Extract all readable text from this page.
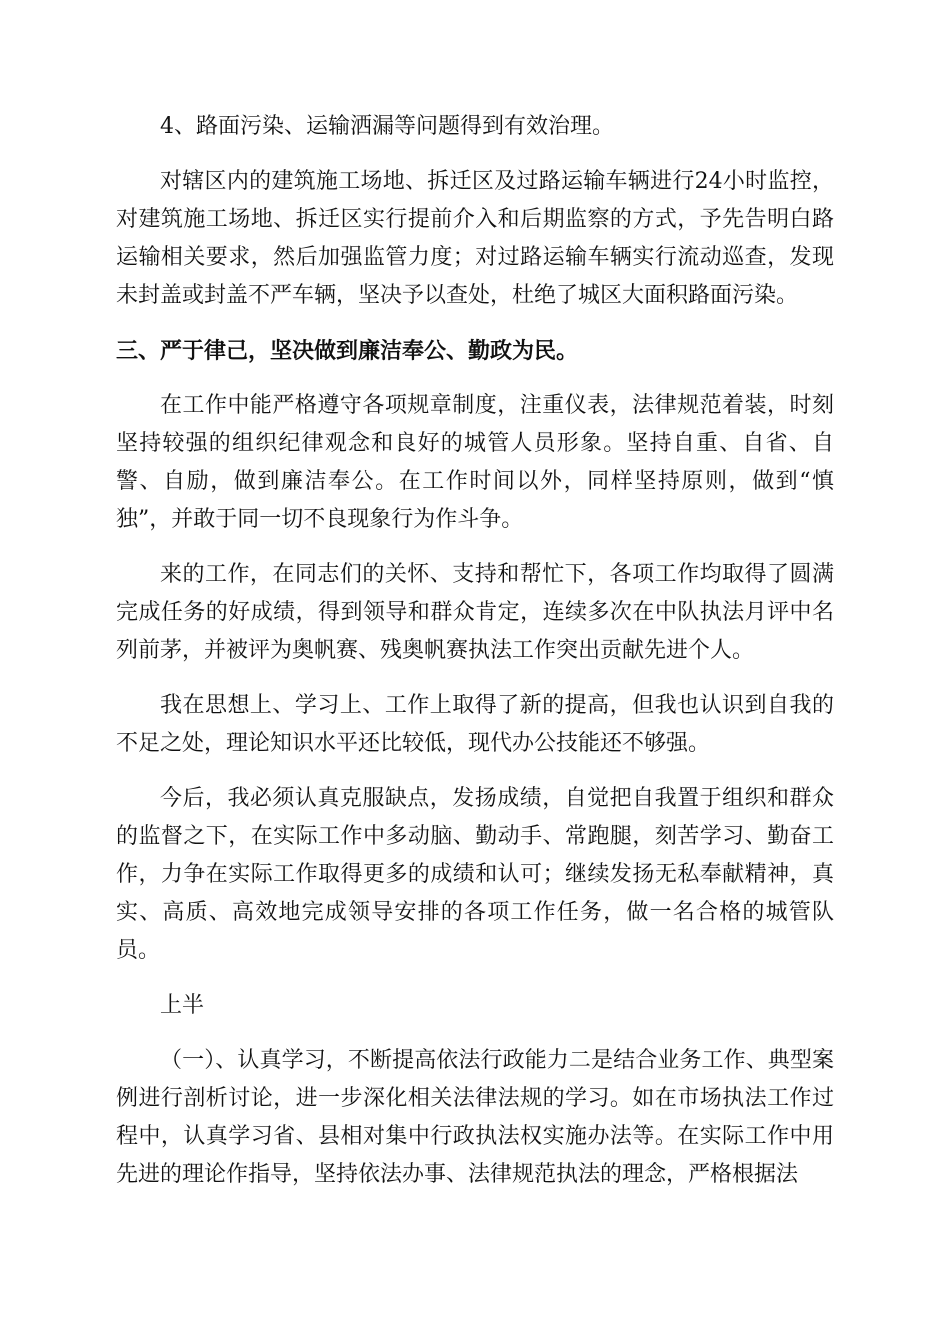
4、路面污染、运输洒漏等问题得到有效治理。

对辖区内的建筑施工场地、拆迁区及过路运输车辆进行24小时监控，对建筑施工场地、拆迁区实行提前介入和后期监察的方式，予先告明白路运输相关要求，然后加强监管力度；对过路运输车辆实行流动巡查，发现未封盖或封盖不严车辆，坚决予以查处，杜绝了城区大面积路面污染。

三、严于律己，坚决做到廉洁奉公、勤政为民。

在工作中能严格遵守各项规章制度，注重仪表，法律规范着装，时刻坚持较强的组织纪律观念和良好的城管人员形象。坚持自重、自省、自警、自励，做到廉洁奉公。在工作时间以外，同样坚持原则，做到“慎独”，并敢于同一切不良现象行为作斗争。

来的工作，在同志们的关怀、支持和帮忙下，各项工作均取得了圆满完成任务的好成绩，得到领导和群众肯定，连续多次在中队执法月评中名列前茅，并被评为奥帆赛、残奥帆赛执法工作突出贡献先进个人。

我在思想上、学习上、工作上取得了新的提高，但我也认识到自我的不足之处，理论知识水平还比较低，现代办公技能还不够强。

今后，我必须认真克服缺点，发扬成绩，自觉把自我置于组织和群众的监督之下，在实际工作中多动脑、勤动手、常跑腿，刻苦学习、勤奋工作，力争在实际工作取得更多的成绩和认可；继续发扬无私奉献精神，真实、高质、高效地完成领导安排的各项工作任务，做一名合格的城管队员。

上半

（一）、认真学习，不断提高依法行政能力二是结合业务工作、典型案例进行剖析讨论，进一步深化相关法律法规的学习。如在市场执法工作过程中，认真学习省、县相对集中行政执法权实施办法等。在实际工作中用先进的理论作指导，坚持依法办事、法律规范执法的理念，严格根据法
